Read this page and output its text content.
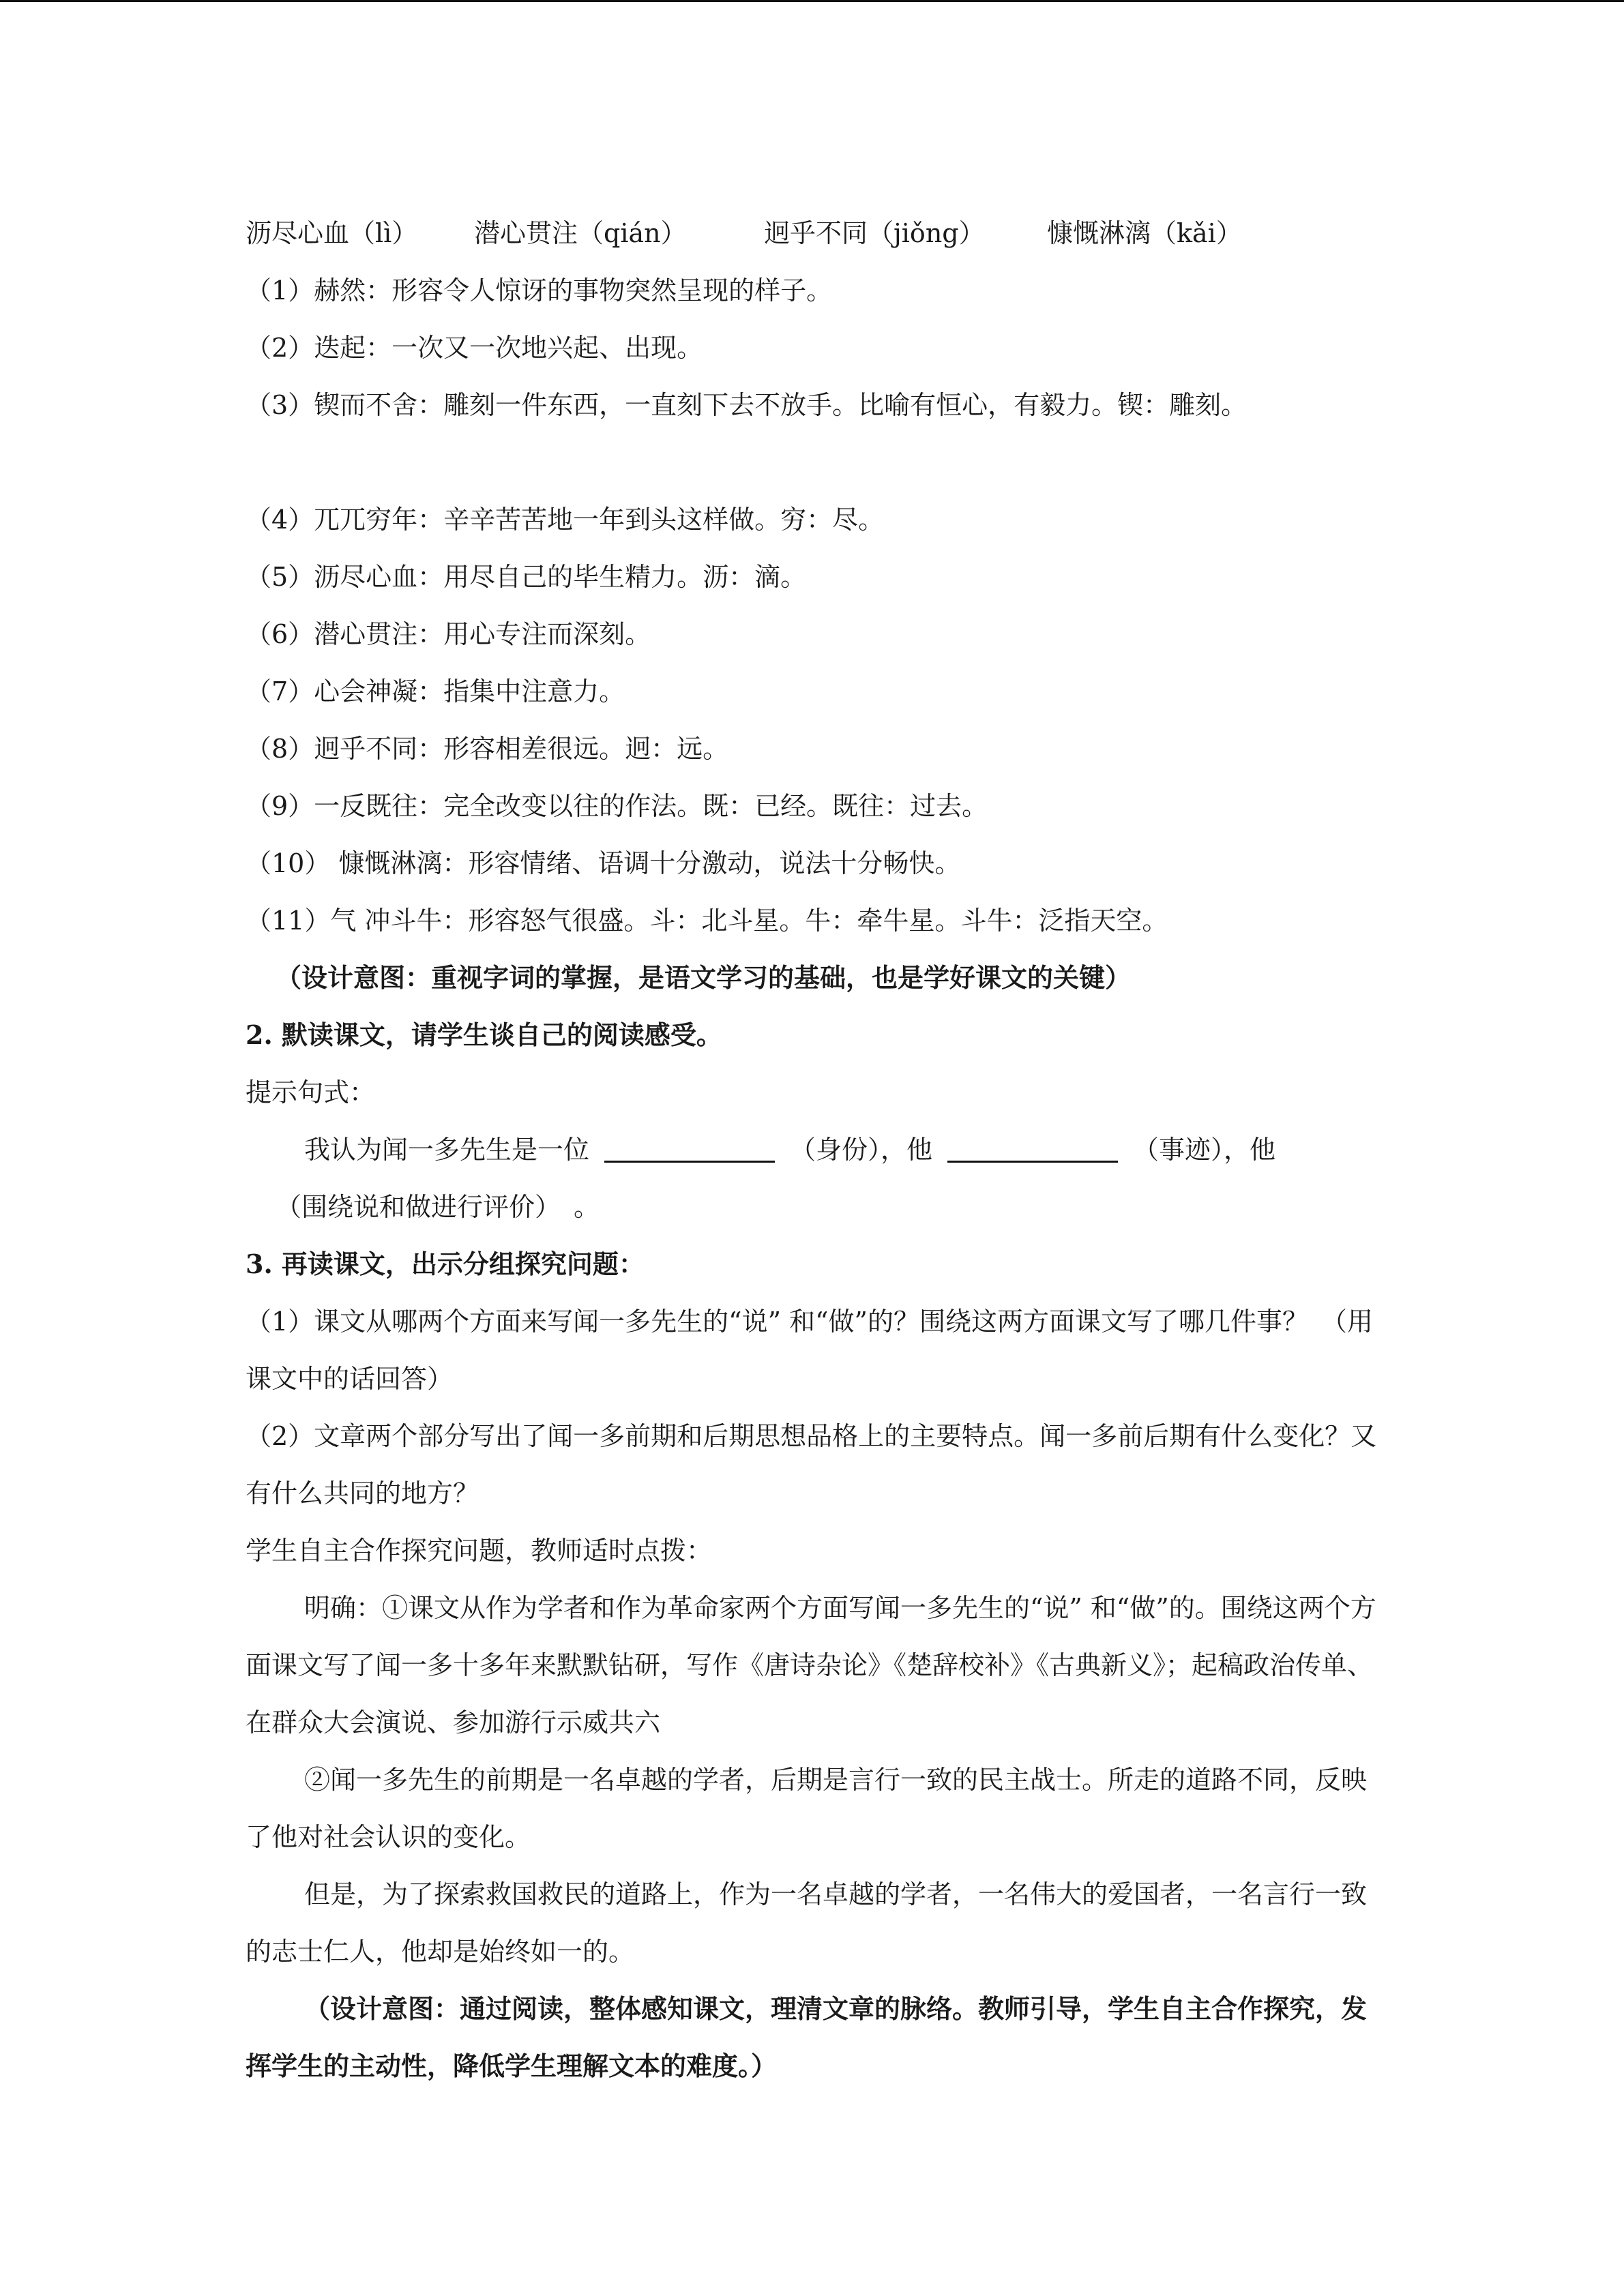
沥尽心血（lì） 潜心贯注（qián）	迥乎不同（jiǒng） 慷慨淋漓（kǎi）
（1）赫然：形容令人惊讶的事物突然呈现的样子。
（2）迭起：一次又一次地兴起、出现。
（3）锲而不舍：雕刻一件东西，一直刻下去不放手。比喻有恒心，有毅力。锲：雕刻。
（4）兀兀穷年：辛辛苦苦地一年到头这样做。穷：尽。
（5）沥尽心血：用尽自己的毕生精力。沥：滴。
（6）潜心贯注：用心专注而深刻。
（7）心会神凝：指集中注意力。
（8）迥乎不同：形容相差很远。迥：远。
（9）一反既往：完全改变以往的作法。既：已经。既往：过去。
（10） 慷慨淋漓：形容情绪、语调十分激动，说法十分畅快。
（11）气 冲斗牛：形容怒气很盛。斗：北斗星。牛：牵牛星。斗牛：泛指天空。
（设计意图：重视字词的掌握，是语文学习的基础，也是学好课文的关键）
2. 默读课文，请学生谈自己的阅读感受。
提示句式：
我认为闻一多先生是一位	（身份），他	（事迹），他
（围绕说和做进行评价）　。
3. 再读课文，出示分组探究问题：

（1）课文从哪两个方面来写闻一多先生的“说” 和“做”的？围绕这两方面课文写了哪几件事？　（用课文中的话回答）

（2）文章两个部分写出了闻一多前期和后期思想品格上的主要特点。闻一多前后期有什么变化？又有什么共同的地方？

学生自主合作探究问题，教师适时点拨：

明确：①课文从作为学者和作为革命家两个方面写闻一多先生的“说” 和“做”的。围绕这两个方面课文写了闻一多十多年来默默钻研，写作《唐诗杂论》《楚辞校补》《古典新义》；起稿政治传单、在群众大会演说、参加游行示威共六

②闻一多先生的前期是一名卓越的学者，后期是言行一致的民主战士。所走的道路不同，反映了他对社会认识的变化。

但是，为了探索救国救民的道路上，作为一名卓越的学者，一名伟大的爱国者，一名言行一致的志士仁人，他却是始终如一的。

（设计意图：通过阅读，整体感知课文，理清文章的脉络。教师引导，学生自主合作探究，发挥学生的主动性，降低学生理解文本的难度。）
